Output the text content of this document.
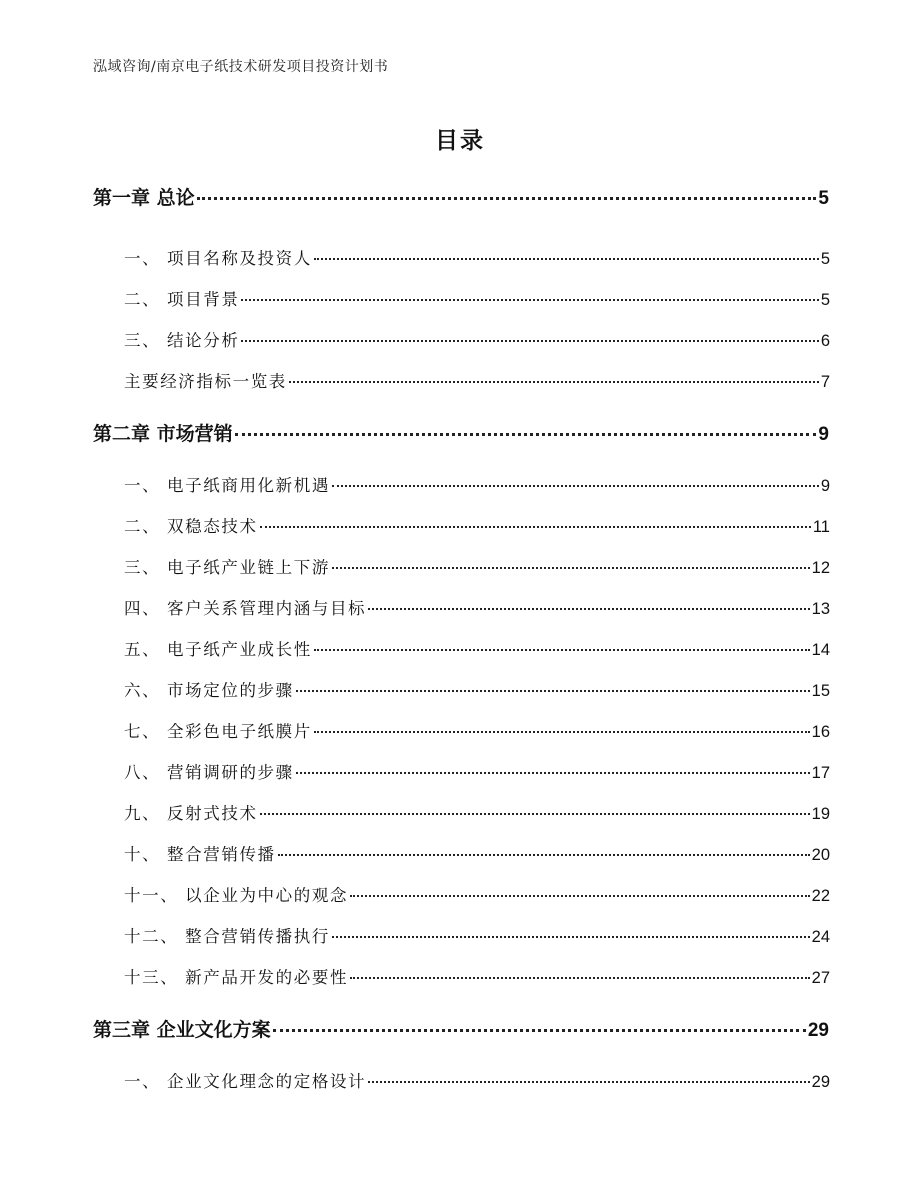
泓域咨询/南京电子纸技术研发项目投资计划书
目录
第一章 总论	5
一、 项目名称及投资人	5
二、 项目背景	5
三、 结论分析	6
主要经济指标一览表	7
第二章 市场营销	9
一、 电子纸商用化新机遇	9
二、 双稳态技术	11
三、 电子纸产业链上下游	12
四、 客户关系管理内涵与目标	13
五、 电子纸产业成长性	14
六、 市场定位的步骤	15
七、 全彩色电子纸膜片	16
八、 营销调研的步骤	17
九、 反射式技术	19
十、 整合营销传播	20
十一、 以企业为中心的观念	22
十二、 整合营销传播执行	24
十三、 新产品开发的必要性	27
第三章 企业文化方案	29
一、 企业文化理念的定格设计	29
